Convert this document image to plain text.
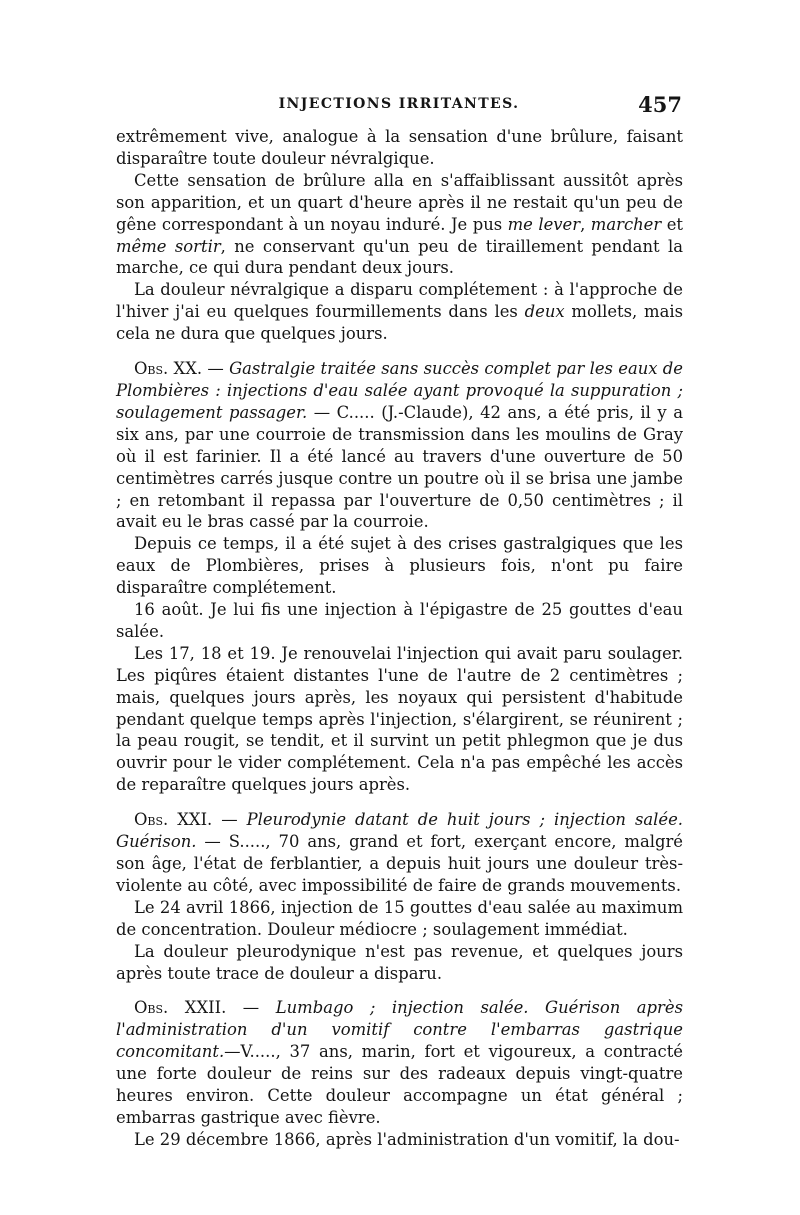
INJECTIONS IRRITANTES.	457

extrêmement vive, analogue à la sensation d'une brûlure, faisant disparaître toute douleur névralgique.

Cette sensation de brûlure alla en s'affaiblissant aussitôt après son apparition, et un quart d'heure après il ne restait qu'un peu de gêne correspondant à un noyau induré. Je pus me lever, marcher et même sortir, ne conservant qu'un peu de tiraillement pendant la marche, ce qui dura pendant deux jours.

La douleur névralgique a disparu complétement : à l'approche de l'hiver j'ai eu quelques fourmillements dans les deux mollets, mais cela ne dura que quelques jours.

Obs. XX. — Gastralgie traitée sans succès complet par les eaux de Plombières : injections d'eau salée ayant provoqué la suppuration ; soulagement passager. — C..... (J.-Claude), 42 ans, a été pris, il y a six ans, par une courroie de transmission dans les moulins de Gray où il est farinier. Il a été lancé au travers d'une ouverture de 50 centimètres carrés jusque contre un poutre où il se brisa une jambe ; en retombant il repassa par l'ouverture de 0,50 centimètres ; il avait eu le bras cassé par la courroie.

Depuis ce temps, il a été sujet à des crises gastralgiques que les eaux de Plombières, prises à plusieurs fois, n'ont pu faire disparaître complétement.

16 août. Je lui fis une injection à l'épigastre de 25 gouttes d'eau salée.

Les 17, 18 et 19. Je renouvelai l'injection qui avait paru soulager. Les piqûres étaient distantes l'une de l'autre de 2 centimètres ; mais, quelques jours après, les noyaux qui persistent d'habitude pendant quelque temps après l'injection, s'élargirent, se réunirent ; la peau rougit, se tendit, et il survint un petit phlegmon que je dus ouvrir pour le vider complétement. Cela n'a pas empêché les accès de reparaître quelques jours après.

Obs. XXI. — Pleurodynie datant de huit jours ; injection salée. Guérison. — S....., 70 ans, grand et fort, exerçant encore, malgré son âge, l'état de ferblantier, a depuis huit jours une douleur très-violente au côté, avec impossibilité de faire de grands mouvements.

Le 24 avril 1866, injection de 15 gouttes d'eau salée au maximum de concentration. Douleur médiocre ; soulagement immédiat.

La douleur pleurodynique n'est pas revenue, et quelques jours après toute trace de douleur a disparu.

Obs. XXII. — Lumbago ; injection salée. Guérison après l'administration d'un vomitif contre l'embarras gastrique concomitant.—V....., 37 ans, marin, fort et vigoureux, a contracté une forte douleur de reins sur des radeaux depuis vingt-quatre heures environ. Cette douleur accompagne un état général ; embarras gastrique avec fièvre.

Le 29 décembre 1866, après l'administration d'un vomitif, la dou-
